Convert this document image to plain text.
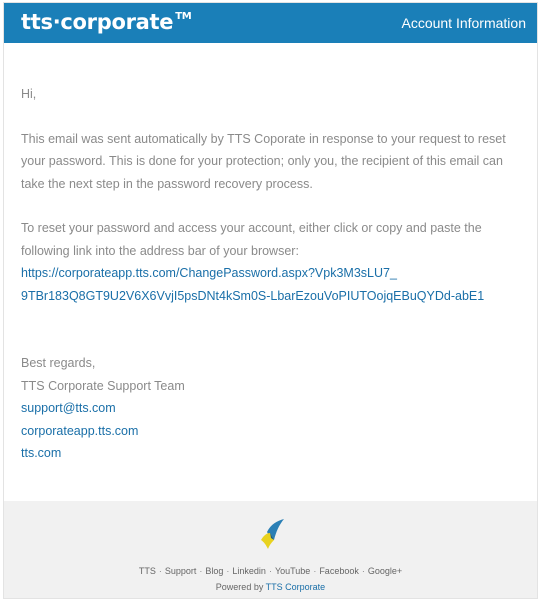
tts · corporate TM	Account Information

Hi,

This email was sent automatically by TTS Coporate in response to your request to reset your password. This is done for your protection; only you, the recipient of this email can take the next step in the password recovery process.

To reset your password and access your account, either click or copy and paste the following link into the address bar of your browser:

https://corporateapp.tts.com/ChangePassword.aspx?Vpk3M3sLU7_
9TBr183Q8GT9U2V6X6VvjI5psDNt4kSm0S-LbarEzouVoPIUTOojqEBuQYDd-abE1

Best regards,

TTS Corporate Support Team

support@tts.com
corporateapp.tts.com
tts.com
TTS · Support · Blog · Linkedin · YouTube · Facebook · Google+
Powered by TTS Corporate
